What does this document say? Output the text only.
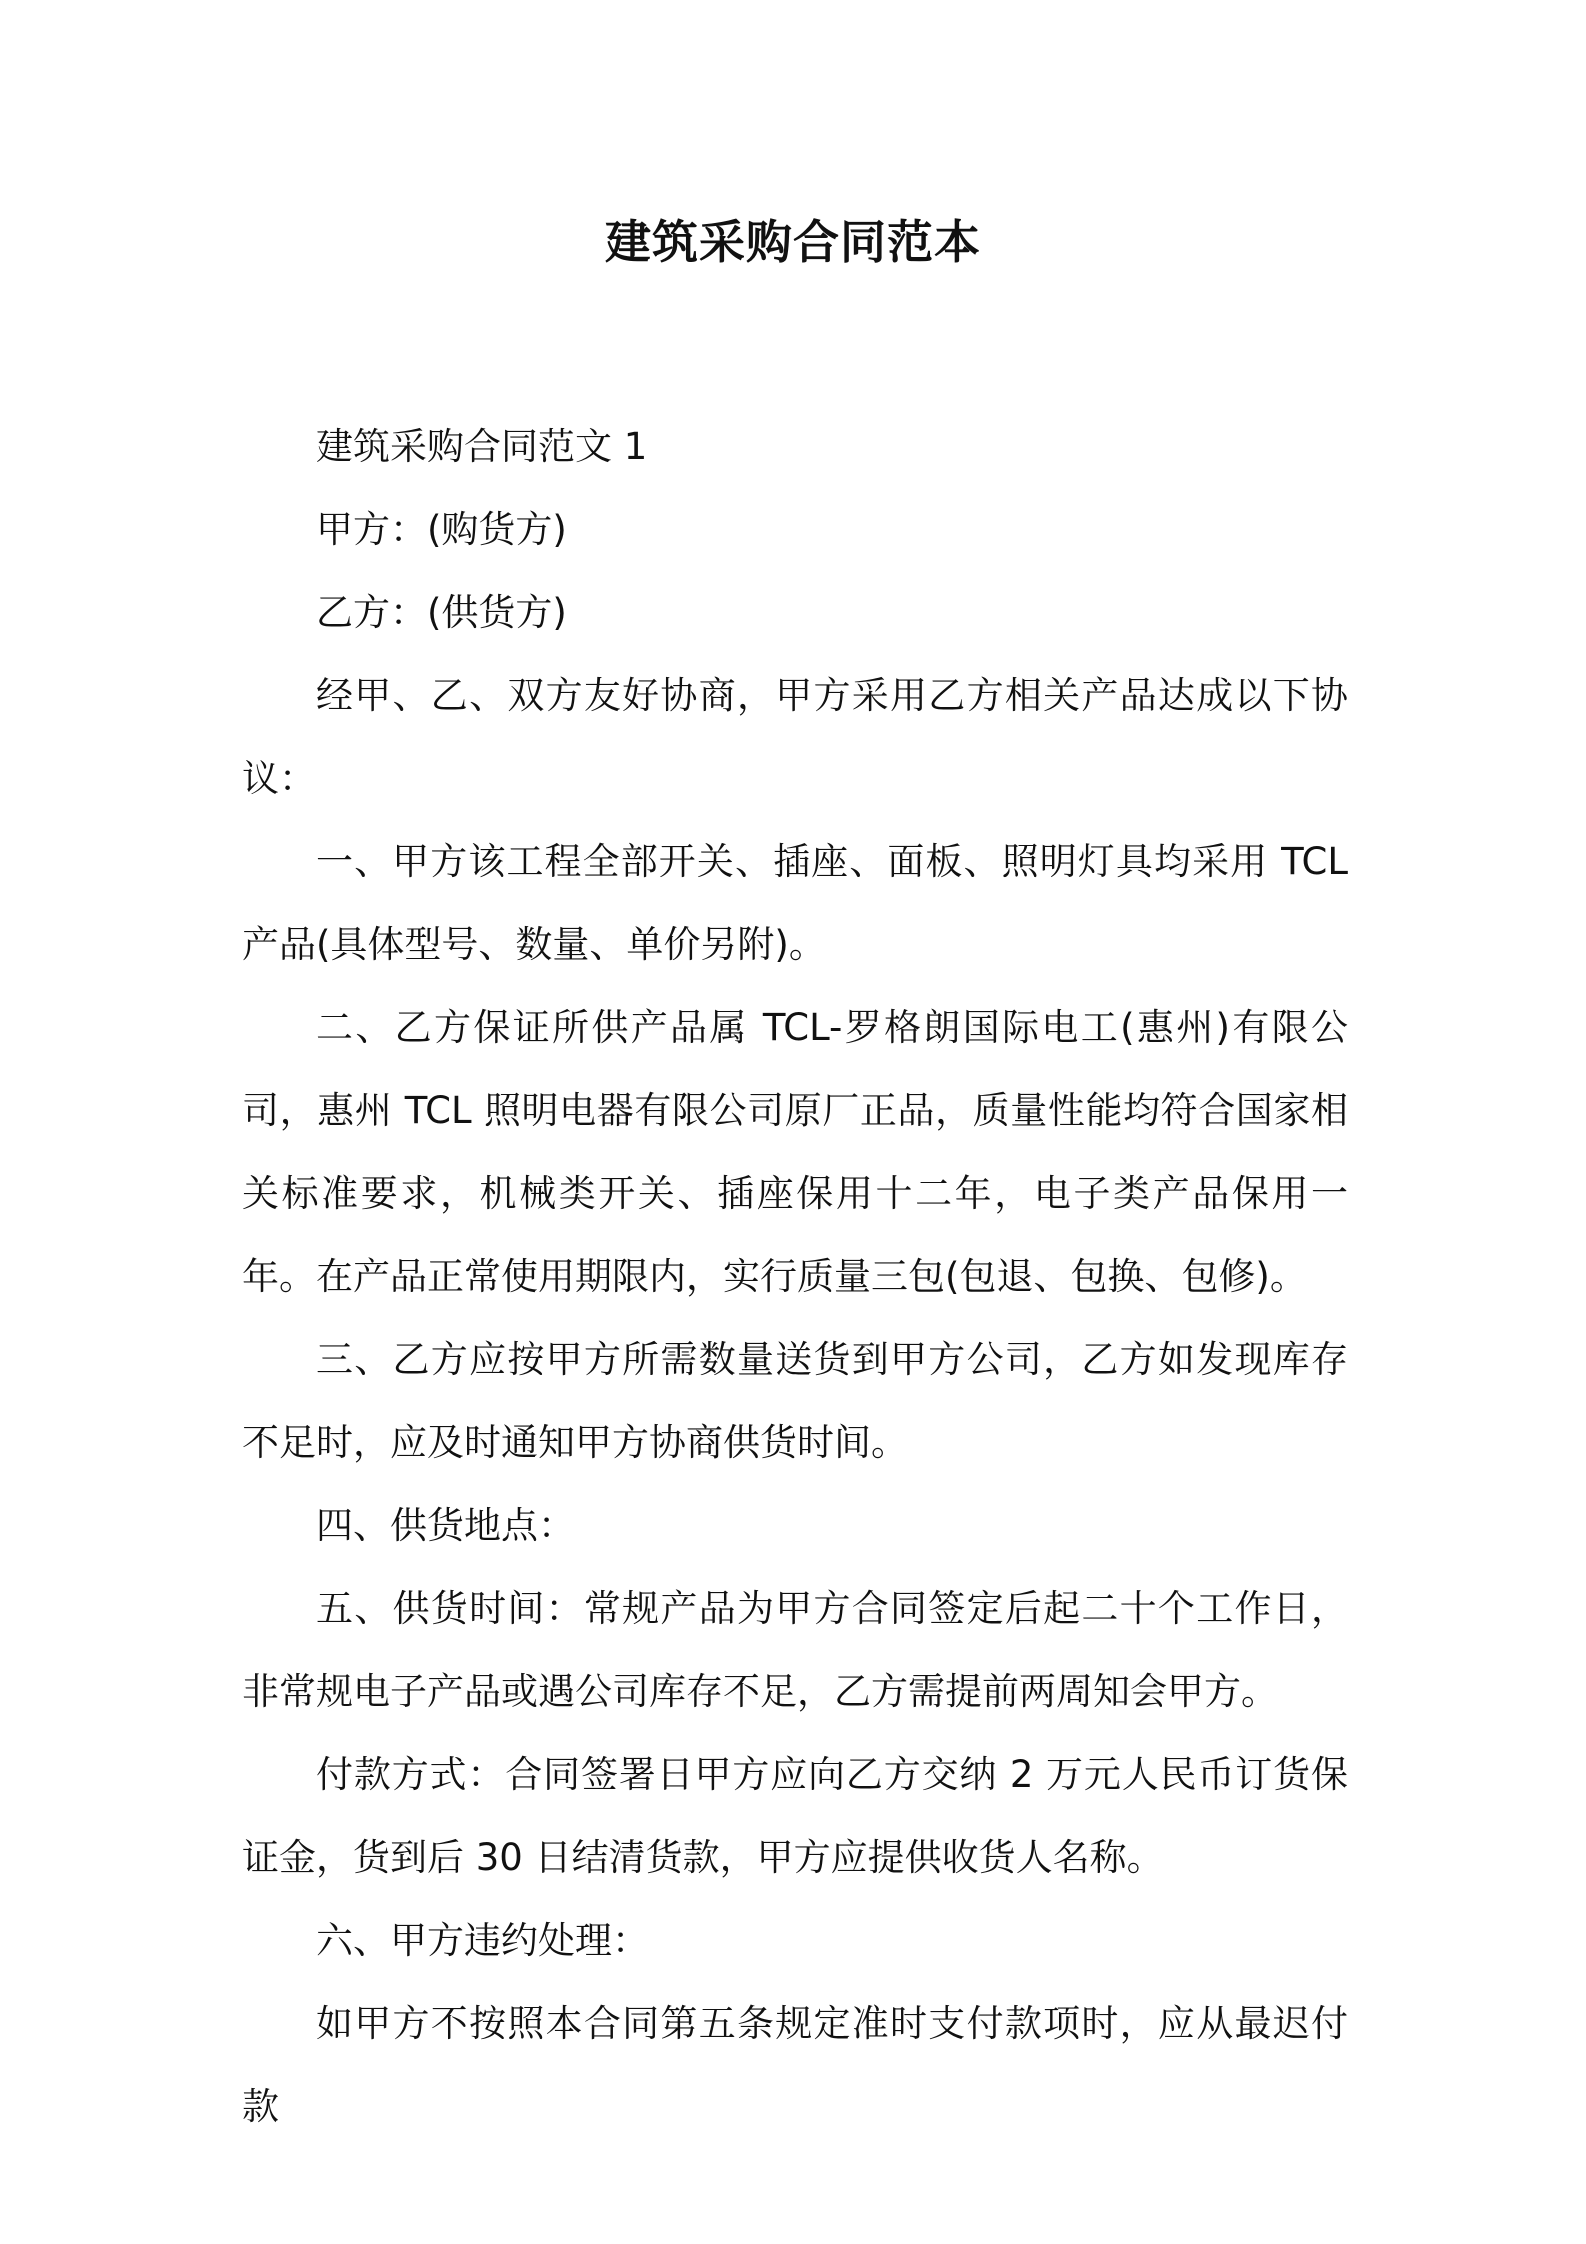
建筑采购合同范本

建筑采购合同范文 1

甲方：(购货方)

乙方：(供货方)

经甲、乙、双方友好协商，甲方采用乙方相关产品达成以下协议：

一、甲方该工程全部开关、插座、面板、照明灯具均采用 TCL 产品(具体型号、数量、单价另附)。

二、乙方保证所供产品属 TCL-罗格朗国际电工(惠州)有限公司，惠州 TCL 照明电器有限公司原厂正品，质量性能均符合国家相关标准要求，机械类开关、插座保用十二年，电子类产品保用一年。在产品正常使用期限内，实行质量三包(包退、包换、包修)。

三、乙方应按甲方所需数量送货到甲方公司，乙方如发现库存不足时，应及时通知甲方协商供货时间。

四、供货地点：

五、供货时间：常规产品为甲方合同签定后起二十个工作日，非常规电子产品或遇公司库存不足，乙方需提前两周知会甲方。

付款方式：合同签署日甲方应向乙方交纳 2 万元人民币订货保证金，货到后 30 日结清货款，甲方应提供收货人名称。

六、甲方违约处理：

如甲方不按照本合同第五条规定准时支付款项时，应从最迟付款
